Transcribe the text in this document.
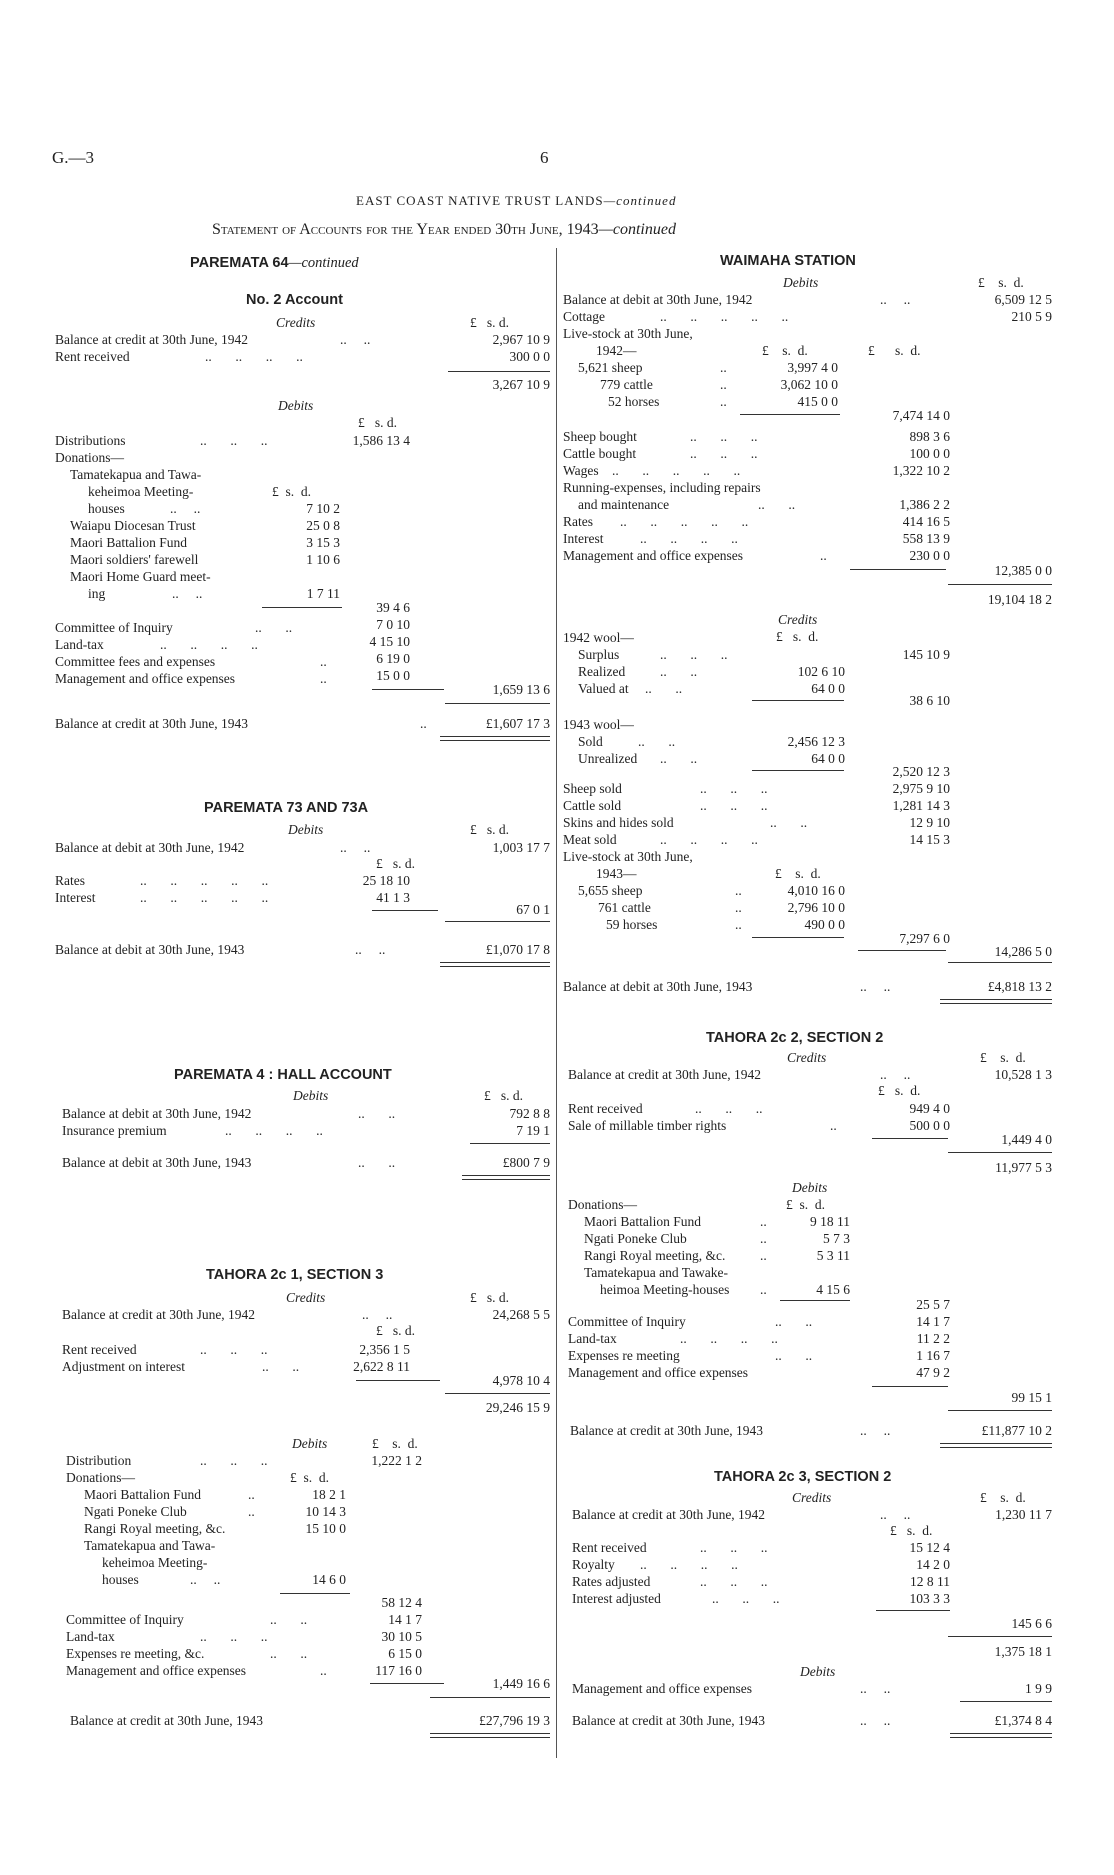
G.—3	6
EAST COAST NATIVE TRUST LANDS—continued
Statement of Accounts for the Year ended 30th June, 1943—continued
PAREMATA 64—continued
No. 2 Account
Credits	£ s. d.
Balance at credit at 30th June, 1942	..     ..	2,967 10 9
Rent received	..       ..       ..       ..	300 0 0
3,267 10 9
Debits
£ s. d.
Distributions	..       ..       ..	1,586 13 4
Donations—
Tamatekapua and Tawa-
keheimoa Meeting-	£ s. d.
houses	..     ..	7 10 2
Waiapu Diocesan Trust	25 0 8
Maori Battalion Fund	3 15 3
Maori soldiers' farewell	1 10 6
Maori Home Guard meet-
ing	..     ..	1 7 11
39 4 6
Committee of Inquiry	..       ..	7 0 10
Land-tax	..       ..       ..       ..	4 15 10
Committee fees and expenses	..	6 19 0
Management and office expenses	..	15 0 0
1,659 13 6
Balance at credit at 30th June, 1943	..	£1,607 17 3
PAREMATA 73 AND 73A
Debits	£ s. d.
Balance at debit at 30th June, 1942	..     ..	1,003 17 7
£ s. d.
Rates	..       ..       ..       ..       ..	25 18 10
Interest	..       ..       ..       ..       ..	41 1 3
67 0 1
Balance at debit at 30th June, 1943	..     ..	£1,070 17 8
PAREMATA 4 : HALL ACCOUNT
Debits	£ s. d.
Balance at debit at 30th June, 1942	..       ..	792 8 8
Insurance premium	..       ..       ..       ..	7 19 1
Balance at debit at 30th June, 1943	..       ..	£800 7 9
TAHORA 2c 1, SECTION 3
Credits	£ s. d.
Balance at credit at 30th June, 1942	..     ..	24,268 5 5
£ s. d.
Rent received	..       ..       ..	2,356 1 5
Adjustment on interest	..       ..	2,622 8 11
4,978 10 4
29,246 15 9
Debits	£ s. d.
Distribution	..       ..       ..	1,222 1 2
Donations—	£ s. d.
Maori Battalion Fund	..	18 2 1
Ngati Poneke Club	..	10 14 3
Rangi Royal meeting, &c.	15 10 0
Tamatekapua and Tawa-
keheimoa Meeting-
houses	..     ..	14 6 0
58 12 4
Committee of Inquiry	..       ..	14 1 7
Land-tax	..       ..       ..	30 10 5
Expenses re meeting, &c.	..       ..	6 15 0
Management and office expenses	..	117 16 0
1,449 16 6
Balance at credit at 30th June, 1943	£27,796 19 3
WAIMAHA STATION
Debits	£ s. d.
Balance at debit at 30th June, 1942	..     ..	6,509 12 5
Cottage	..       ..       ..       ..       ..	210 5 9
Live-stock at 30th June,
1942—	£ s. d.	£ s. d.
5,621 sheep	..	3,997 4 0
779 cattle	..	3,062 10 0
52 horses	..	415 0 0
7,474 14 0
Sheep bought	..       ..       ..	898 3 6
Cattle bought	..       ..       ..	100 0 0
Wages ..       ..       ..       ..       ..	1,322 10 2
Running-expenses, including repairs
and maintenance	..       ..	1,386 2 2
Rates ..       ..       ..       ..       ..	414 16 5
Interest	..       ..       ..       ..	558 13 9
Management and office expenses	..	230 0 0
12,385 0 0
19,104 18 2
Credits
1942 wool—	£ s. d.
Surplus	..       ..       ..	145 10 9
Realized	..       ..	102 6 10
Valued at ..       ..	64 0 0
38 6 10
1943 wool—
Sold	..       ..	2,456 12 3
Unrealized ..       ..	64 0 0
2,520 12 3
Sheep sold	..       ..       ..	2,975 9 10
Cattle sold	..       ..       ..	1,281 14 3
Skins and hides sold	..       ..	12 9 10
Meat sold	..       ..       ..       ..	14 15 3
Live-stock at 30th June,
1943—	£ s. d.
5,655 sheep	..	4,010 16 0
761 cattle	..	2,796 10 0
59 horses	..	490 0 0
7,297 6 0
14,286 5 0
Balance at debit at 30th June, 1943	..     ..	£4,818 13 2
TAHORA 2c 2, SECTION 2
Credits	£ s. d.
Balance at credit at 30th June, 1942	..     ..	10,528 1 3
£ s. d.
Rent received	..       ..       ..	949 4 0
Sale of millable timber rights	..	500 0 0
1,449 4 0
11,977 5 3
Debits
Donations—	£ s. d.
Maori Battalion Fund	..	9 18 11
Ngati Poneke Club	..	5 7 3
Rangi Royal meeting, &c.	..	5 3 11
Tamatekapua and Tawake-
heimoa Meeting-houses ..	4 15 6
25 5 7
Committee of Inquiry	..       ..	14 1 7
Land-tax	..       ..       ..       ..	11 2 2
Expenses re meeting	..       ..	1 16 7
Management and office expenses	47 9 2
99 15 1
Balance at credit at 30th June, 1943	..     ..	£11,877 10 2
TAHORA 2c 3, SECTION 2
Credits	£ s. d.
Balance at credit at 30th June, 1942	..     ..	1,230 11 7
£ s. d.
Rent received	..       ..       ..	15 12 4
Royalty ..       ..       ..       ..	14 2 0
Rates adjusted	..       ..       ..	12 8 11
Interest adjusted	..       ..       ..	103 3 3
145 6 6
1,375 18 1
Debits
Management and office expenses	..     ..	1 9 9
Balance at credit at 30th June, 1943	..     ..	£1,374 8 4
